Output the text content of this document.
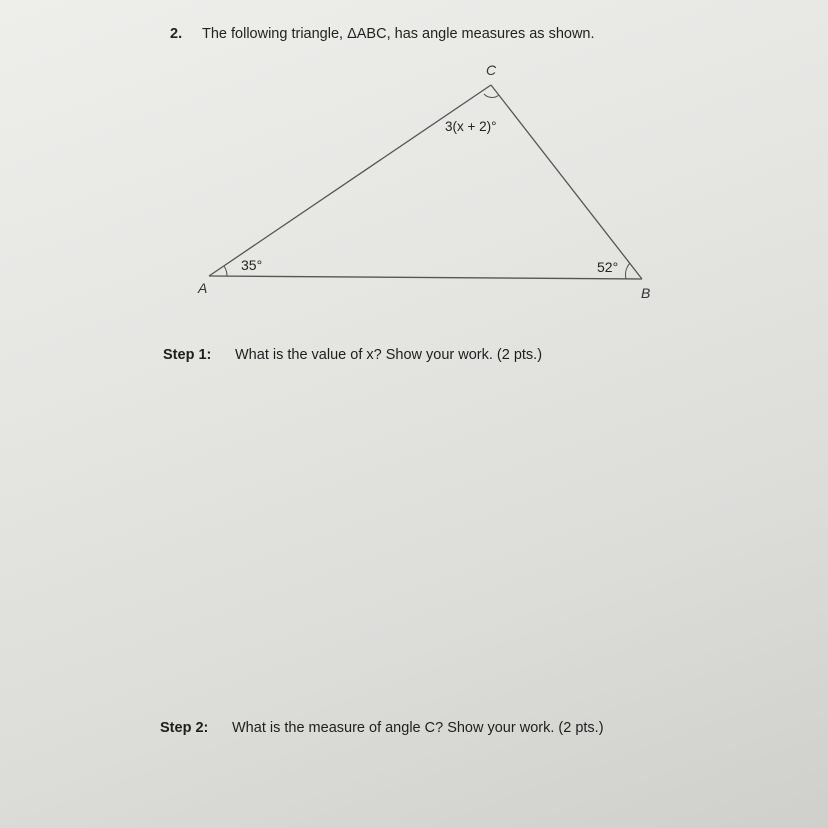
2. The following triangle, ΔABC, has angle measures as shown.
C
A	B
35°	52°
3(x + 2)°
Step 1: What is the value of x? Show your work. (2 pts.)
Step 2: What is the measure of angle C? Show your work. (2 pts.)
